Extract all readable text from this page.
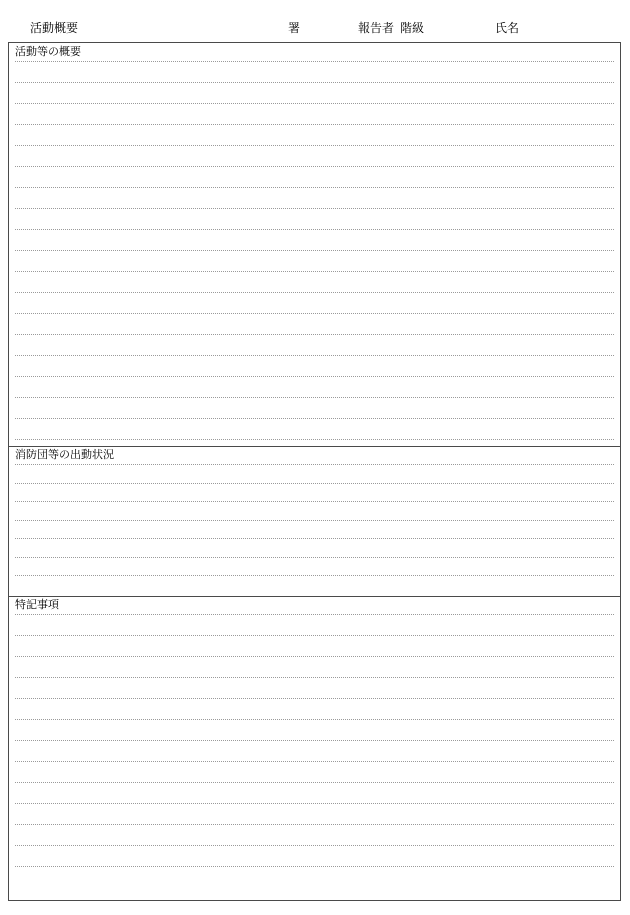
活動概要	署	報告者 階級	氏名
活動等の概要
消防団等の出動状況
特記事項
